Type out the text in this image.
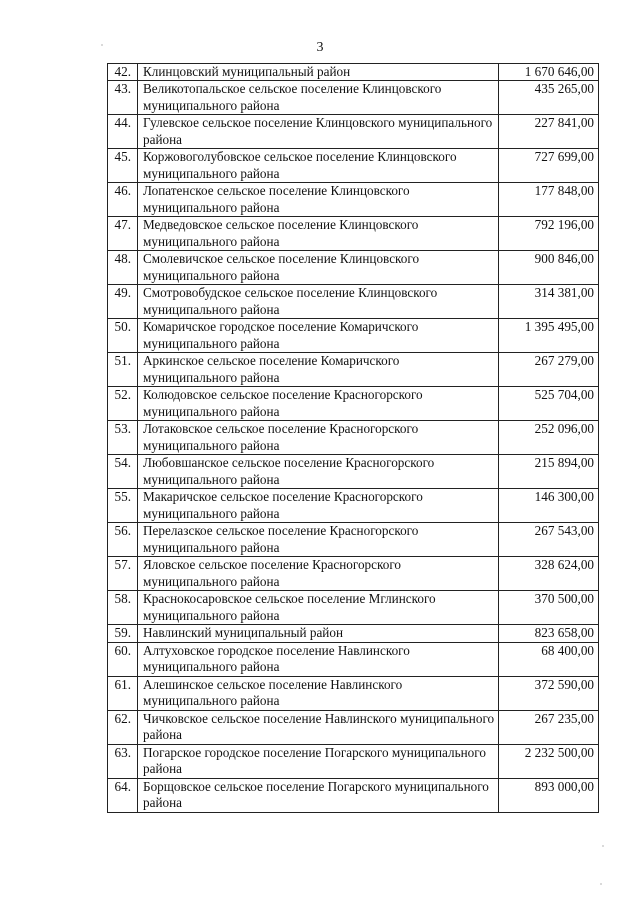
3
42.	Клинцовский муниципальный район	1 670 646,00
43.	Великотопальское сельское поселение Клинцовского муниципального района	435 265,00
44.	Гулевское сельское поселение Клинцовского муниципального района	227 841,00
45.	Коржовоголубовское сельское поселение Клинцовского муниципального района	727 699,00
46.	Лопатенское сельское поселение Клинцовского муниципального района	177 848,00
47.	Медведовское сельское поселение Клинцовского муниципального района	792 196,00
48.	Смолевичское сельское поселение Клинцовского муниципального района	900 846,00
49.	Смотровобудское сельское поселение Клинцовского муниципального района	314 381,00
50.	Комаричское городское поселение Комаричского муниципального района	1 395 495,00
51.	Аркинское сельское поселение Комаричского муниципального района	267 279,00
52.	Колюдовское сельское поселение Красногорского муниципального района	525 704,00
53.	Лотаковское сельское поселение Красногорского муниципального района	252 096,00
54.	Любовшанское сельское поселение Красногорского муниципального района	215 894,00
55.	Макаричское сельское поселение Красногорского муниципального района	146 300,00
56.	Перелазское сельское поселение Красногорского муниципального района	267 543,00
57.	Яловское сельское поселение Красногорского муниципального района	328 624,00
58.	Краснокосаровское сельское поселение Мглинского муниципального района	370 500,00
59.	Навлинский муниципальный район	823 658,00
60.	Алтуховское городское поселение Навлинского муниципального района	68 400,00
61.	Алешинское сельское поселение Навлинского муниципального района	372 590,00
62.	Чичковское сельское поселение Навлинского муниципального района	267 235,00
63.	Погарское городское поселение Погарского муниципального района	2 232 500,00
64.	Борщовское сельское поселение Погарского муниципального района	893 000,00
